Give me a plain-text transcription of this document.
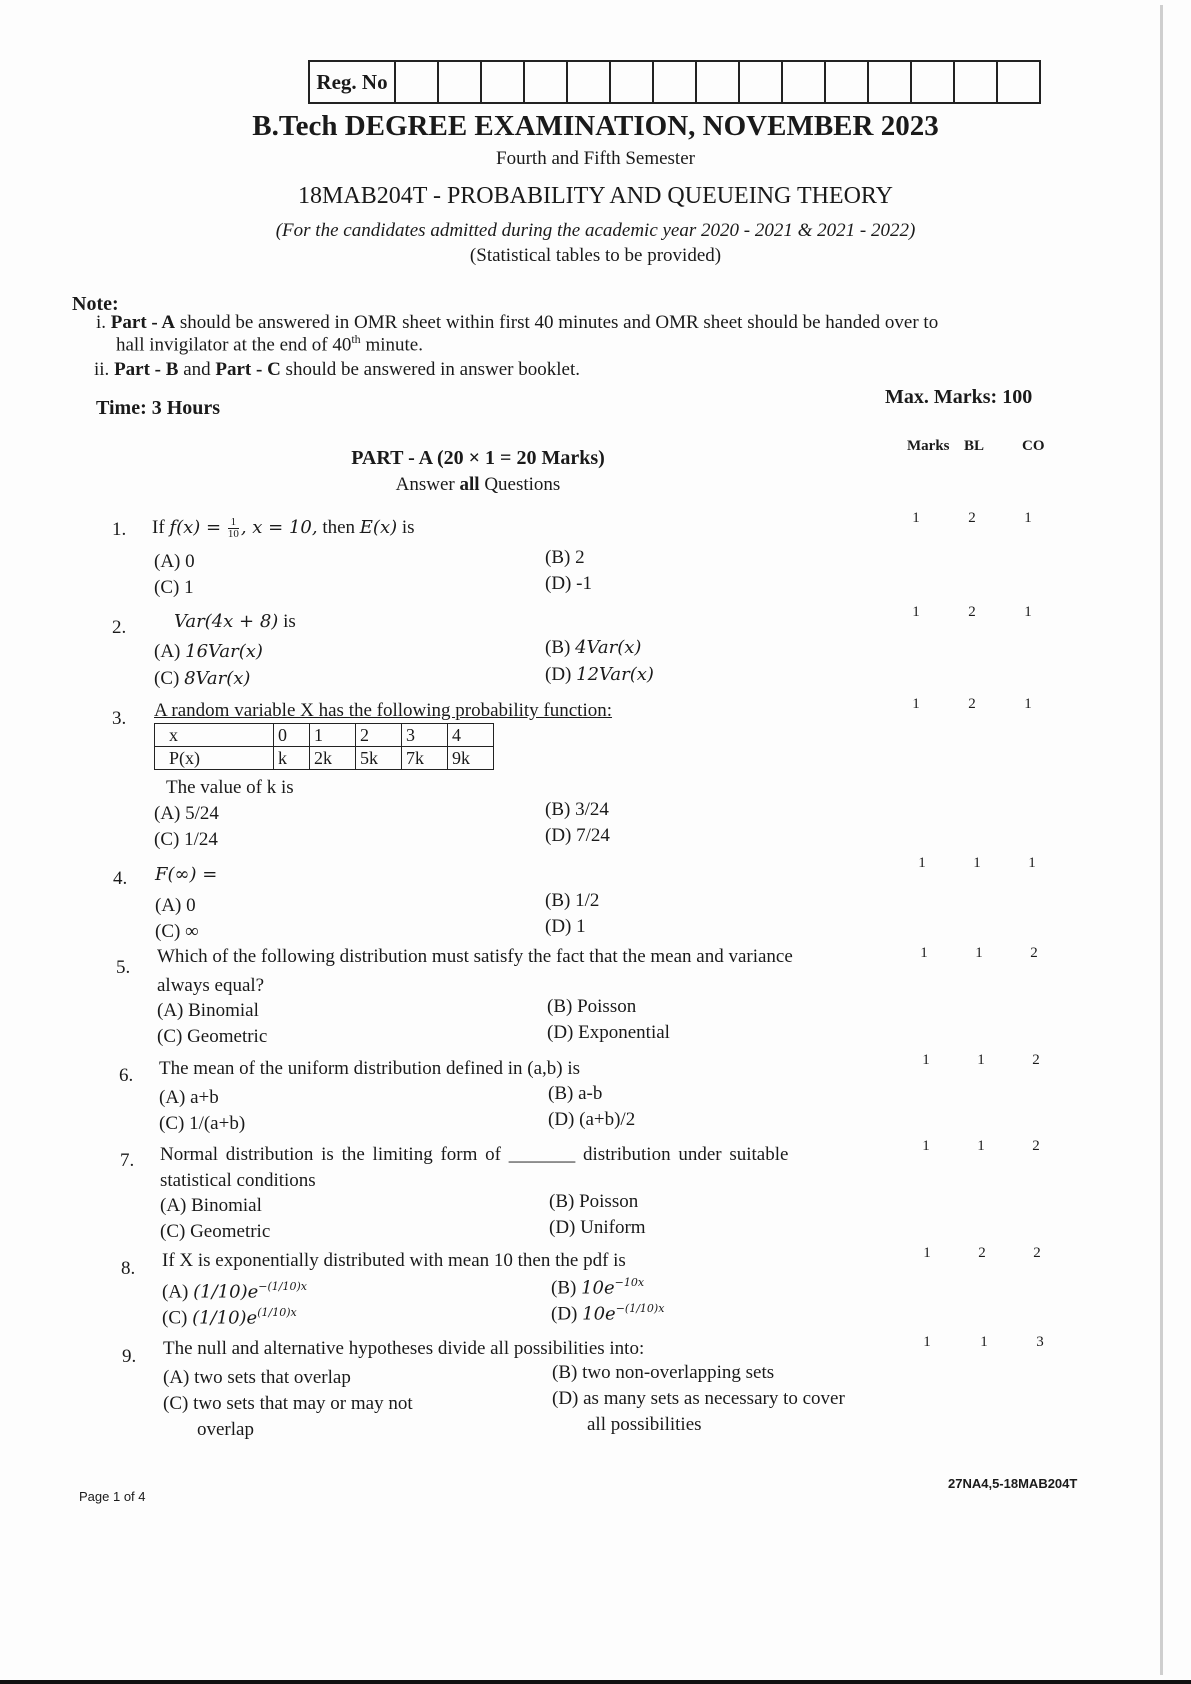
Reg. No
B.Tech DEGREE EXAMINATION, NOVEMBER 2023
Fourth and Fifth Semester
18MAB204T - PROBABILITY AND QUEUEING THEORY
(For the candidates admitted during the academic year 2020 - 2021 & 2021 - 2022)
(Statistical tables to be provided)
Note:
i. Part - A should be answered in OMR sheet within first 40 minutes and OMR sheet should be handed over to
hall invigilator at the end of 40th minute.
ii. Part - B and Part - C should be answered in answer booklet.
Time: 3 Hours	Max. Marks: 100
Marks BL	CO
PART - A (20 × 1 = 20 Marks)
Answer all Questions
1. If $f(x) = \frac{1}{10}$ , x = 10, then E(x) is
(A) 0	(B) 2
(C) 1	(D) -1
1	2	1
2.	Var(4x + 8) is
(A) 16Var(x)	(B) 4Var(x)
(C) 8Var(x)	(D) 12Var(x)
1	2	1
3. A random variable X has the following probability function:
x	0	1	2	3	4
P(x)	k	2k	5k	7k	9k
The value of k is
(A) 5/24	(B) 3/24
(C) 1/24	(D) 7/24
1	2	1
4. F(∞) =
(A) 0	(B) 1/2
(C) ∞	(D) 1
1	1	1
5.
Which of the following distribution must satisfy the fact that the mean and variance
always equal?
(A) Binomial	(B) Poisson
(C) Geometric	(D) Exponential
1	1	2
6. The mean of the uniform distribution defined in (a,b) is
(A) a+b	(B) a-b
(C) 1/(a+b)	(D) (a+b)/2
1	1	2
7. Normal distribution is the limiting form of _______ distribution under suitable
statistical conditions
(A) Binomial	(B) Poisson
(C) Geometric	(D) Uniform
1	1	2
8. If X is exponentially distributed with mean 10 then the pdf is
(A) $(1/10)e^{-(1/10)x}$	(B) $10e^{-10x}$
(C) $(1/10)e^{(1/10)x}$	(D) $10e^{-(1/10)x}$
1	2	2
9. The null and alternative hypotheses divide all possibilities into:
(A) two sets that overlap	(B) two non-overlapping sets
(C) two sets that may or may not
overlap
(D) as many sets as necessary to cover
all possibilities
1	1	3
Page 1 of 4
27NA4,5-18MAB204T
